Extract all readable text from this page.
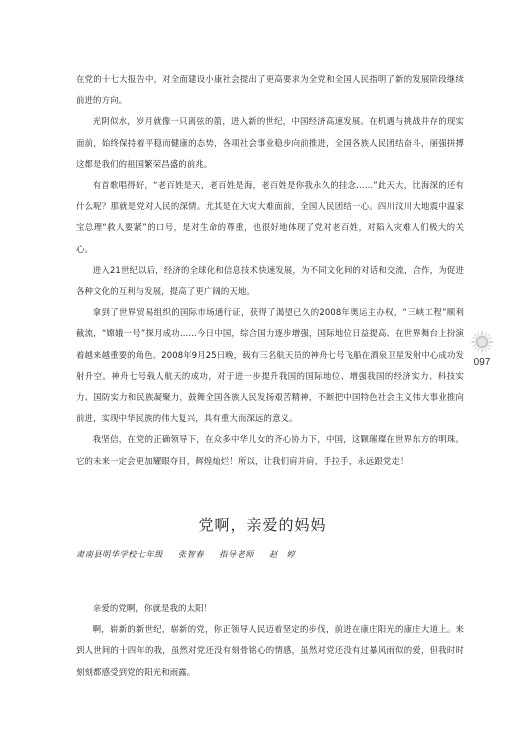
在党的十七大报告中，对全面建设小康社会提出了更高要求为全党和全国人民指明了新的发展阶段继续前进的方向。

光阴似水，岁月就像一只离弦的箭，进入新的世纪，中国经济高速发展。在机遇与挑战并存的现实面前，始终保持着平稳而健康的态势，各项社会事业稳步向前推进，全国各族人民团结奋斗，丽强拼搏这都是我们的祖国繁荣昌盛的前兆。

有首歌唱得好，“老百姓是天，老百姓是海，老百姓是你我永久的挂念……”此天大，比海深的还有什么呢？那就是党对人民的深情。尤其是在大灾大难面前，全国人民团结一心。四川汶川大地震中温家宝总理“救人要紧”的口号，是对生命的尊重，也很好地体现了党对老百姓，对陷入灾难人们极大的关心。

进入21世纪以后，经济的全球化和信息技术快速发展，为不同文化间的对话和交流，合作，为促进各种文化的互利与发展，提高了更广阔的天地。

拿到了世界贸易组织的国际市场通行证，获得了渴望已久的2008年奥运主办权，“三峡工程”顺利截流，“嫦娥一号”探月成功……今日中国，综合国力逐步增强，国际地位日益提高、在世界舞台上扮演着越来越重要的角色。2008年9月25日晚，载有三名航天员的神舟七号飞船在酒泉卫星发射中心成功发射升空。神舟七号载人航天的成功，对于进一步提升我国的国际地位、增强我国的经济实力、科技实力、国防实力和民族凝聚力，鼓舞全国各族人民发扬艰苦精神，不断把中国特色社会主义伟大事业推向前进，实现中华民族的伟大复兴，具有重大而深远的意义。

我坚信，在党的正确领导下，在众多中华儿女的齐心协力下，中国，这颗璀璨在世界东方的明珠。它的未来一定会更加耀眼夺目，辉煌灿烂！所以，让我们肩并肩，手拉手，永远跟党走！

097
党啊，亲爱的妈妈
肃南县明华学校七年级 张智春 指导老师 赵　婷

亲爱的党啊，你就是我的太阳！

啊，崭新的新世纪，崭新的党，你正领导人民迈着坚定的步伐，前进在康庄阳光的康庄大道上。来到人世间的十四年的我，虽然对党还没有刻骨铭心的情感，虽然对党还没有过暴风雨似的爱，但我时时刻刻都感受到党的阳光和雨露。
